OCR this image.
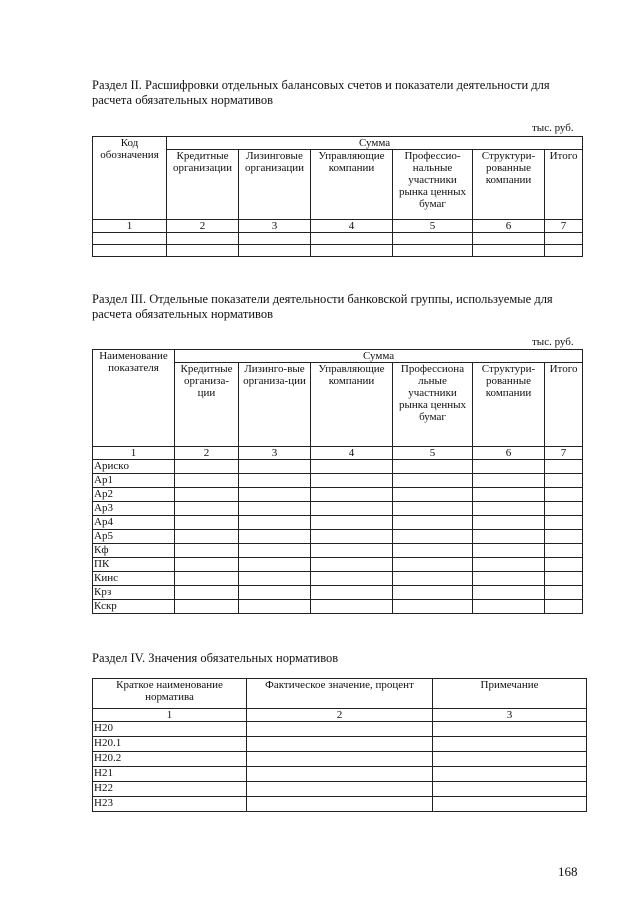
Раздел II. Расшифровки отдельных балансовых счетов и показатели деятельности для расчета обязательных нормативов
тыс. руб.
Код обозначения	Сумма					
	Кредитные организации	Лизинговые организации	Управляющие компании	Профессио-нальные участники рынка ценных бумаг	Структури-рованные компании	Итого
1	2	3	4	5	6	7

Раздел III. Отдельные показатели деятельности банковской группы, используемые для расчета обязательных нормативов
тыс. руб.
Наименование показателя	Сумма					
	Кредитные организа-ции	Лизинго-вые организа-ции	Управляющие компании	Профессиона льные участники рынка ценных бумаг	Структури-рованные компании	Итого
1	2	3	4	5	6	7
Арискo						
Ар1						
Ар2						
Ар3						
Ар4						
Ар5						
Кф						
ПК						
Кинс						
Крз						
Кскр						
Раздел IV. Значения обязательных нормативов
Краткое наименование норматива	Фактическое значение, процент	Примечание
1	2	3
Н20		
Н20.1		
Н20.2		
Н21		
Н22		
Н23		
168
